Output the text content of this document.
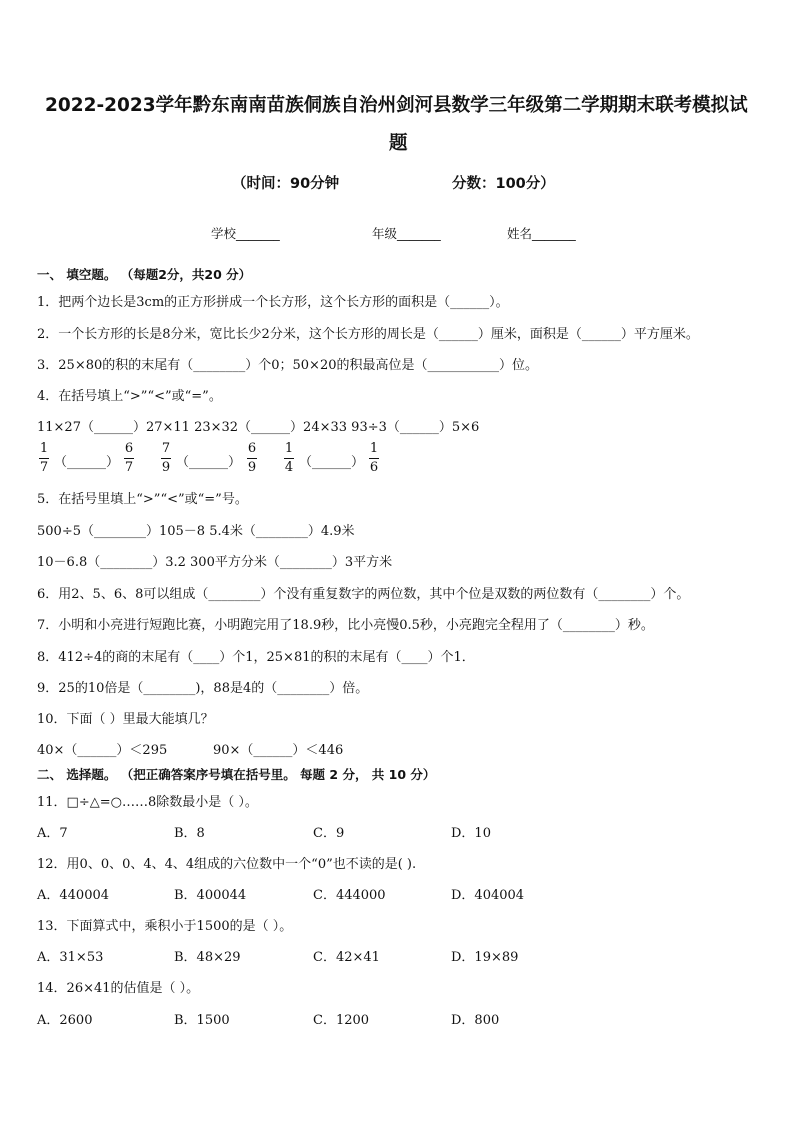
2022-2023学年黔东南南苗族侗族自治州剑河县数学三年级第二学期期末联考模拟试
题
（时间：90分钟	分数：100分）
学校_______	年级_______	姓名_______
一、 填空题。 （每题2分，共20 分）
1．把两个边长是3cm的正方形拼成一个长方形，这个长方形的面积是（______）。
2．一个长方形的长是8分米，宽比长少2分米，这个长方形的周长是（______）厘米，面积是（______）平方厘米。
3．25×80的积的末尾有（________）个0；50×20的积最高位是（___________）位。
4．在括号填上“>”“<”或“=”。
11×27（______）27×11 23×32（______）24×33 93÷3（______）5×6
1
7 （______）
6
7
7
9 （______）
6
9
1
4 （______）
1
6
5．在括号里填上“>”“<”或“=”号。
500÷5（________）105－8 5.4米（________）4.9米
10－6.8（________）3.2 300平方分米（________）3平方米
6．用2、5、6、8可以组成（________）个没有重复数字的两位数，其中个位是双数的两位数有（________）个。
7．小明和小亮进行短跑比赛，小明跑完用了18.9秒，比小亮慢0.5秒，小亮跑完全程用了（________）秒。
8．412÷4的商的末尾有（____）个1，25×81的积的末尾有（____）个1．
9．25的10倍是（________)，88是4的（________）倍。
10．下面（ ）里最大能填几？
40×（______）＜295	90×（______）＜446
二、 选择题。 （把正确答案序号填在括号里。 每题 2 分， 共 10 分）
11．□÷△=○……8除数最小是（ ）。
A．7	B．8	C．9	D．10
12．用0、0、0、4、4、4组成的六位数中一个“0”也不读的是( ).
A．440004	B．400044	C．444000	D．404004
13．下面算式中，乘积小于1500的是（ ）。
A．31×53	B．48×29	C．42×41	D．19×89
14．26×41的估值是（ ）。
A．2600	B．1500	C．1200	D．800
